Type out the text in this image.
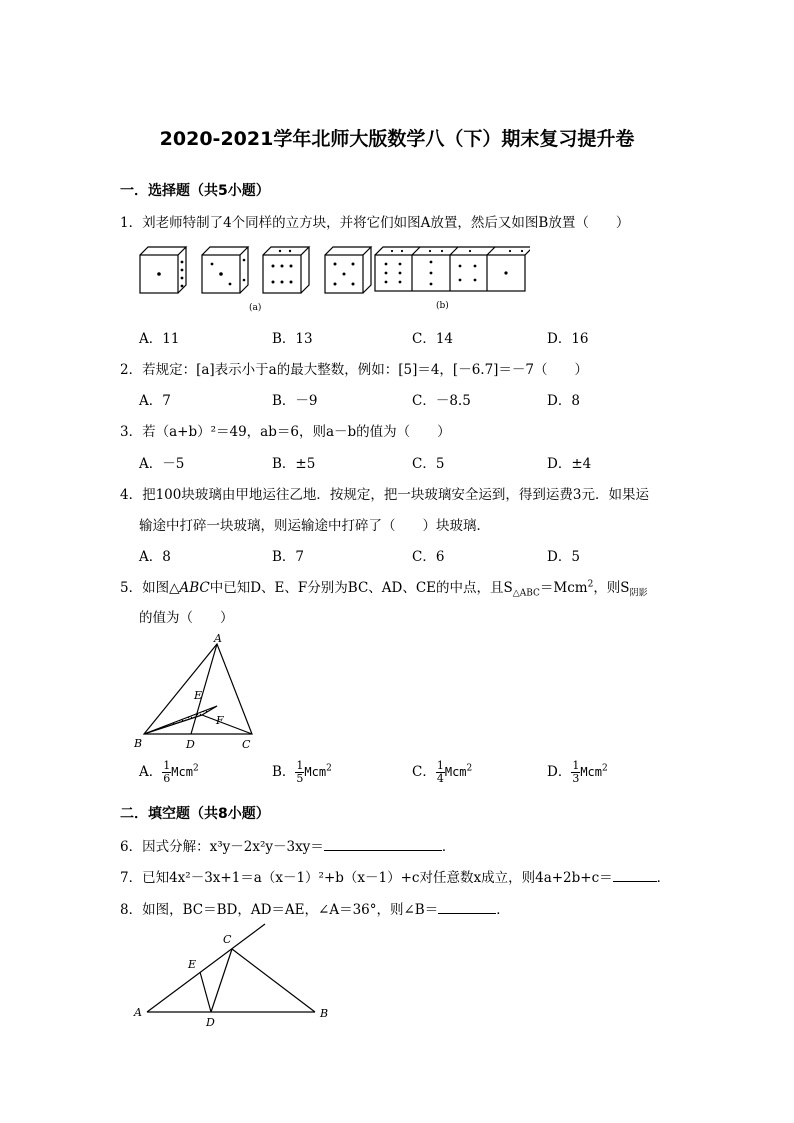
2020-2021学年北师大版数学八（下）期末复习提升卷
一．选择题（共5小题）
1．刘老师特制了4个同样的立方块，并将它们如图A放置，然后又如图B放置（　　）
(a)	(b)
A．11	B．13	C．14	D．16
2．若规定：[a]表示小于a的最大整数，例如：[5]＝4，[－6.7]＝－7（　　）
A．7	B．－9	C．－8.5	D．8
3．若（a+b）²＝49，ab＝6，则a－b的值为（　　）
A．－5	B．±5	C．5	D．±4
4．把100块玻璃由甲地运往乙地．按规定，把一块玻璃安全运到，得到运费3元．如果运
输途中打碎一块玻璃，则运输途中打碎了（　　）块玻璃．
A．8	B．7	C．6	D．5
5．如图△ABC中已知D、E、F分别为BC、AD、CE的中点，且$S_{\triangle ABC}=Mcm^2$，则$S_{阴影}$
的值为（　　）
A
B	C
D
E
F
A． $\frac{1}{6} Mcm^2$	B． $\frac{1}{5} Mcm^2$	C． $\frac{1}{4} Mcm^2$	D． $\frac{1}{3} Mcm^2$
二．填空题（共8小题）
6．因式分解：x³y－2x²y－3xy＝	．
7．已知4x²－3x+1＝a（x－1）²+b（x－1）+c对任意数x成立，则4a+2b+c＝	．
8．如图，BC＝BD，AD＝AE，∠A＝36°，则∠B＝	．
A	B
C
D
E
